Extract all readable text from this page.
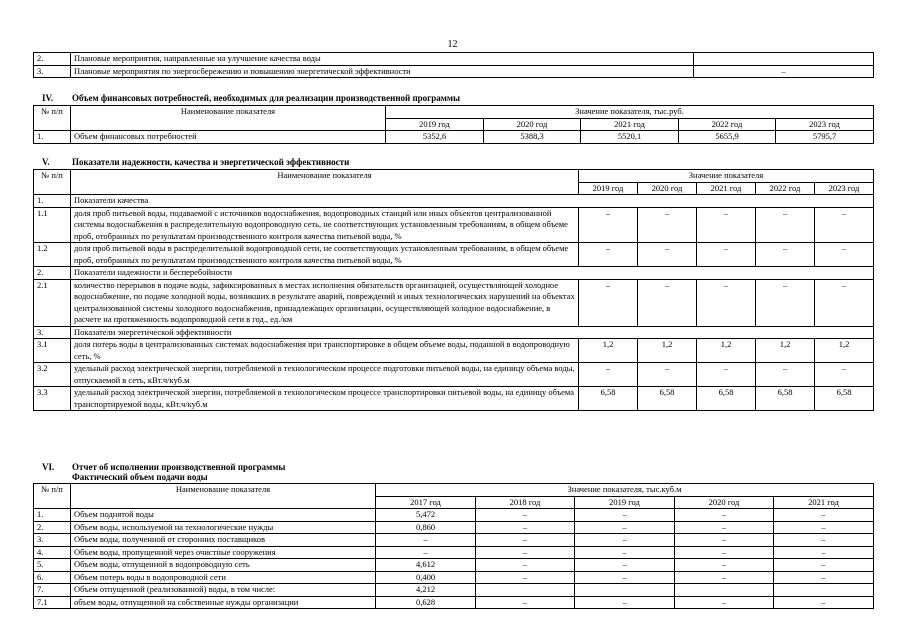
12
2.	Плановые мероприятия, направленные на улучшение качества воды	
3.	Плановые мероприятия по энергосбережению и повышению энергетической эффективности	–
IV. Объем финансовых потребностей, необходимых для реализации производственной программы
№ п/п	Наименование показателя	Значение показателя, тыс.руб.				
		2019 год	2020 год	2021 год	2022 год	2023 год
1.	Объем финансовых потребностей	5352,6	5388,3	5520,1	5655,9	5795,7
V. Показатели надежности, качества и энергетической эффективности
№ п/п	Наименование показателя	Значение показателя				
		2019 год	2020 год	2021 год	2022 год	2023 год
1.	Показатели качества					
1.1	доля проб питьевой воды, подаваемой с источников водоснабжения, водопроводных станций или иных объектов централизованной системы водоснабжения в распределительную водопроводную сеть, не соответствующих установленным требованиям, в общем объеме проб, отобранных по результатам производственного контроля качества питьевой воды, %	–	–	–	–	–
1.2	доля проб питьевой воды в распределительной водопроводной сети, не соответствующих установленным требованиям, в общем объеме проб, отобранных по результатам производственного контроля качества питьевой воды, %	–	–	–	–	–
2.	Показатели надежности и бесперебойности					
2.1	количество перерывов в подаче воды, зафиксированных в местах исполнения обязательств организацией, осуществляющей холодное водоснабжение, по подаче холодной воды, возникших в результате аварий, повреждений и иных технологических нарушений на объектах централизованной системы холодного водоснабжения, принадлежащих организации, осуществляющей холодное водоснабжение, в расчете на протяженность водопроводной сети в год., ед./км	–	–	–	–	–
3.	Показатели энергетической эффективности					
3.1	доля потерь воды в централизованных системах водоснабжения при транспортировке в общем объеме воды, поданной в водопроводную сеть, %	1,2	1,2	1,2	1,2	1,2
3.2	удельный расход электрической энергии, потребляемой в технологическом процессе подготовки питьевой воды, на единицу объема воды, отпускаемой в сеть, кВт.ч/куб.м	–	–	–	–	–
3.3	удельный расход электрической энергии, потребляемой в технологическом процессе транспортировки питьевой воды, на единицу объема транспортируемой воды, кВт.ч/куб.м	6,58	6,58	6,58	6,58	6,58
VI. Отчет об исполнении производственной программы
Фактический объем подачи воды
№ п/п	Наименование показателя	Значение показателя, тыс.куб.м				
		2017 год	2018 год	2019 год	2020 год	2021 год
1.	Объем поднятой воды	5,472	–	–	–	–
2.	Объем воды, используемой на технологические нужды	0,860	–	–	–	–
3.	Объем воды, полученной от сторонних поставщиков	–	–	–	–	–
4.	Объем воды, пропущенной через очистные сооружения	–	–	–	–	–
5.	Объем воды, отпущенной в водопроводную сеть	4,612	–	–	–	–
6.	Объем потерь воды в водопроводной сети	0,400	–	–	–	–
7.	Объем отпущенной (реализованной) воды, в том числе:	4,212				
7.1	объем воды, отпущенной на собственные нужды организации	0,628	–	–	–	–
